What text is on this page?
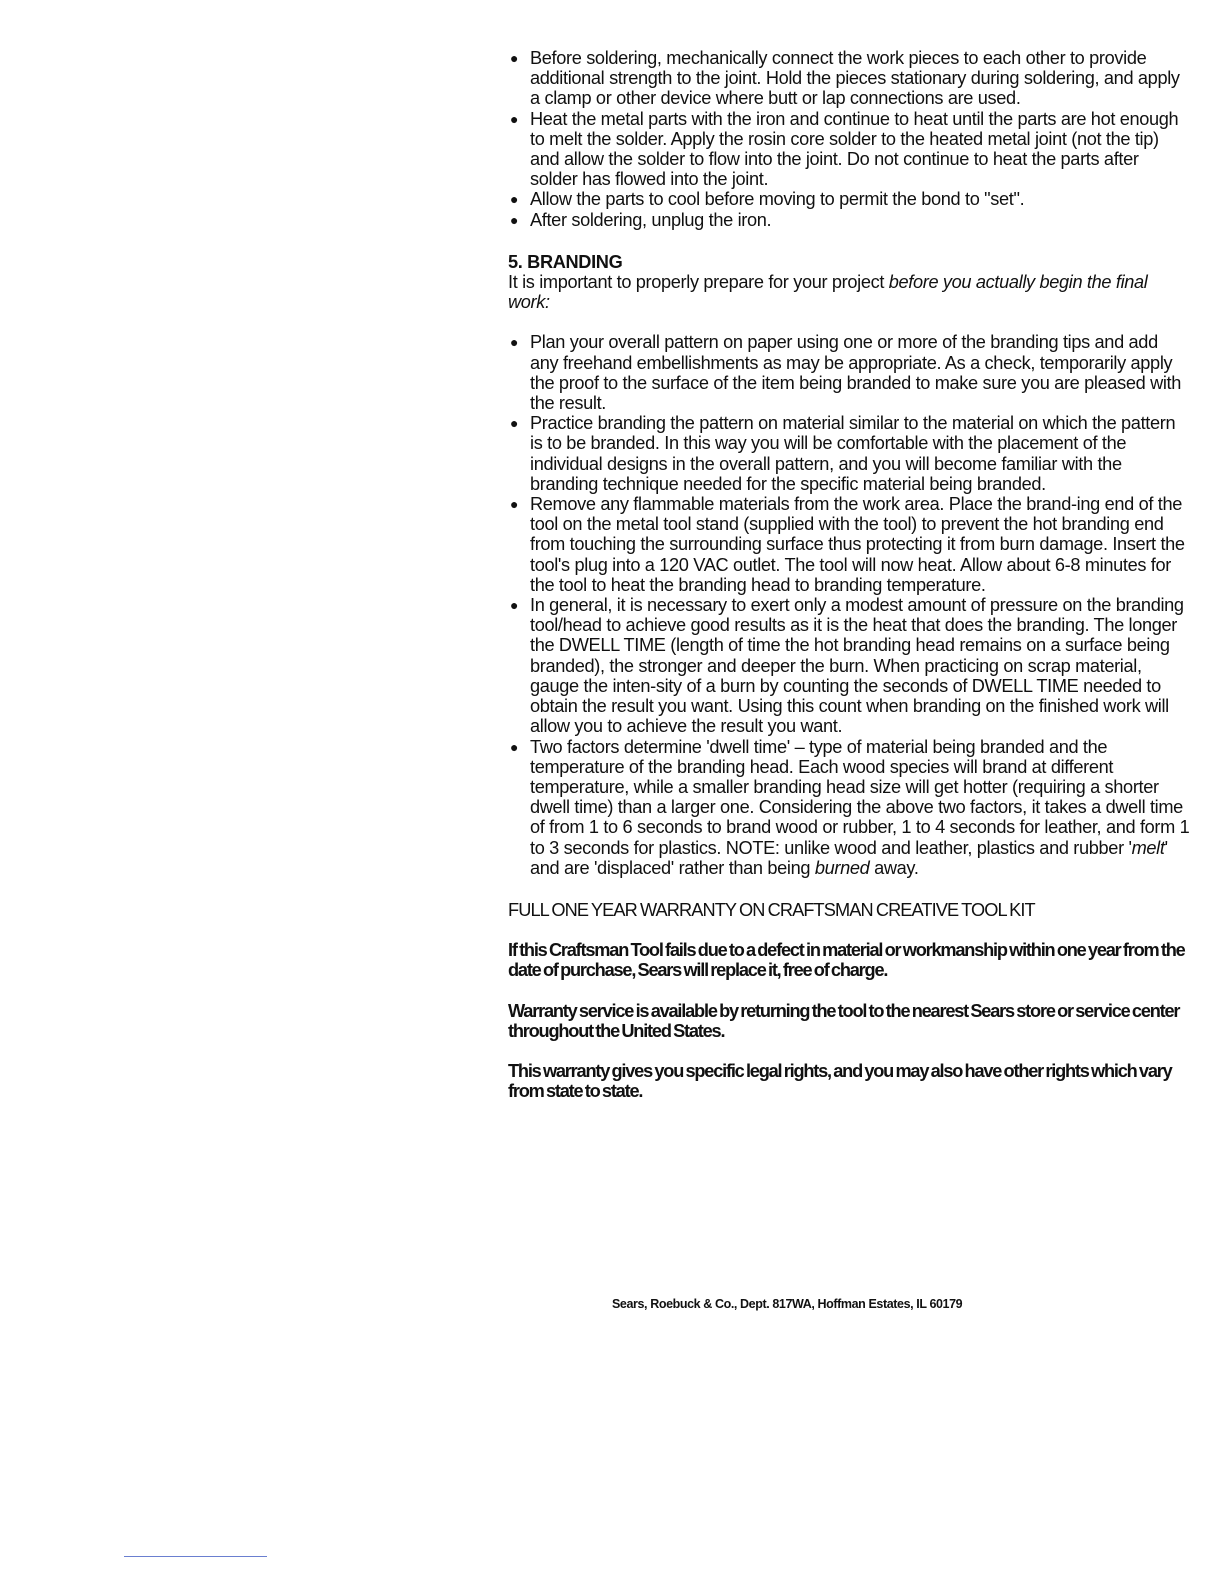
● Before soldering, mechanically connect the work pieces to each other to provide additional strength to the joint. Hold the pieces stationary during soldering, and apply a clamp or other device where butt or lap connections are used.
● Heat the metal parts with the iron and continue to heat until the parts are hot enough to melt the solder. Apply the rosin core solder to the heated metal joint (not the tip) and allow the solder to flow into the joint. Do not continue to heat the parts after solder has flowed into the joint.
● Allow the parts to cool before moving to permit the bond to "set".
● After soldering, unplug the iron.
5. BRANDING
It is important to properly prepare for your project before you actually begin the final work:
● Plan your overall pattern on paper using one or more of the branding tips and add any freehand embellishments as may be appropriate. As a check, temporarily apply the proof to the surface of the item being branded to make sure you are pleased with the result.
● Practice branding the pattern on material similar to the material on which the pattern is to be branded. In this way you will be comfortable with the placement of the individual designs in the overall pattern, and you will become familiar with the branding technique needed for the specific material being branded.
● Remove any flammable materials from the work area. Place the brand-ing end of the tool on the metal tool stand (supplied with the tool) to prevent the hot branding end from touching the surrounding surface thus protecting it from burn damage. Insert the tool's plug into a 120 VAC outlet. The tool will now heat. Allow about 6-8 minutes for the tool to heat the branding head to branding temperature.
● In general, it is necessary to exert only a modest amount of pressure on the branding tool/head to achieve good results as it is the heat that does the branding. The longer the DWELL TIME (length of time the hot branding head remains on a surface being branded), the stronger and deeper the burn. When practicing on scrap material, gauge the inten-sity of a burn by counting the seconds of DWELL TIME needed to obtain the result you want. Using this count when branding on the finished work will allow you to achieve the result you want.
● Two factors determine 'dwell time' – type of material being branded and the temperature of the branding head. Each wood species will brand at different temperature, while a smaller branding head size will get hotter (requiring a shorter dwell time) than a larger one. Considering the above two factors, it takes a dwell time of from 1 to 6 seconds to brand wood or rubber, 1 to 4 seconds for leather, and form 1 to 3 seconds for plastics. NOTE: unlike wood and leather, plastics and rubber 'melt' and are 'displaced' rather than being burned away.

FULL ONE YEAR WARRANTY ON CRAFTSMAN CREATIVE TOOL KIT

If this Craftsman Tool fails due to a defect in material or workmanship within one year from the date of purchase, Sears will replace it, free of charge.

Warranty service is available by returning the tool to the nearest Sears store or service center throughout the United States.

This warranty gives you specific legal rights, and you may also have other rights which vary from state to state.

Sears, Roebuck & Co., Dept. 817WA, Hoffman Estates, IL 60179
